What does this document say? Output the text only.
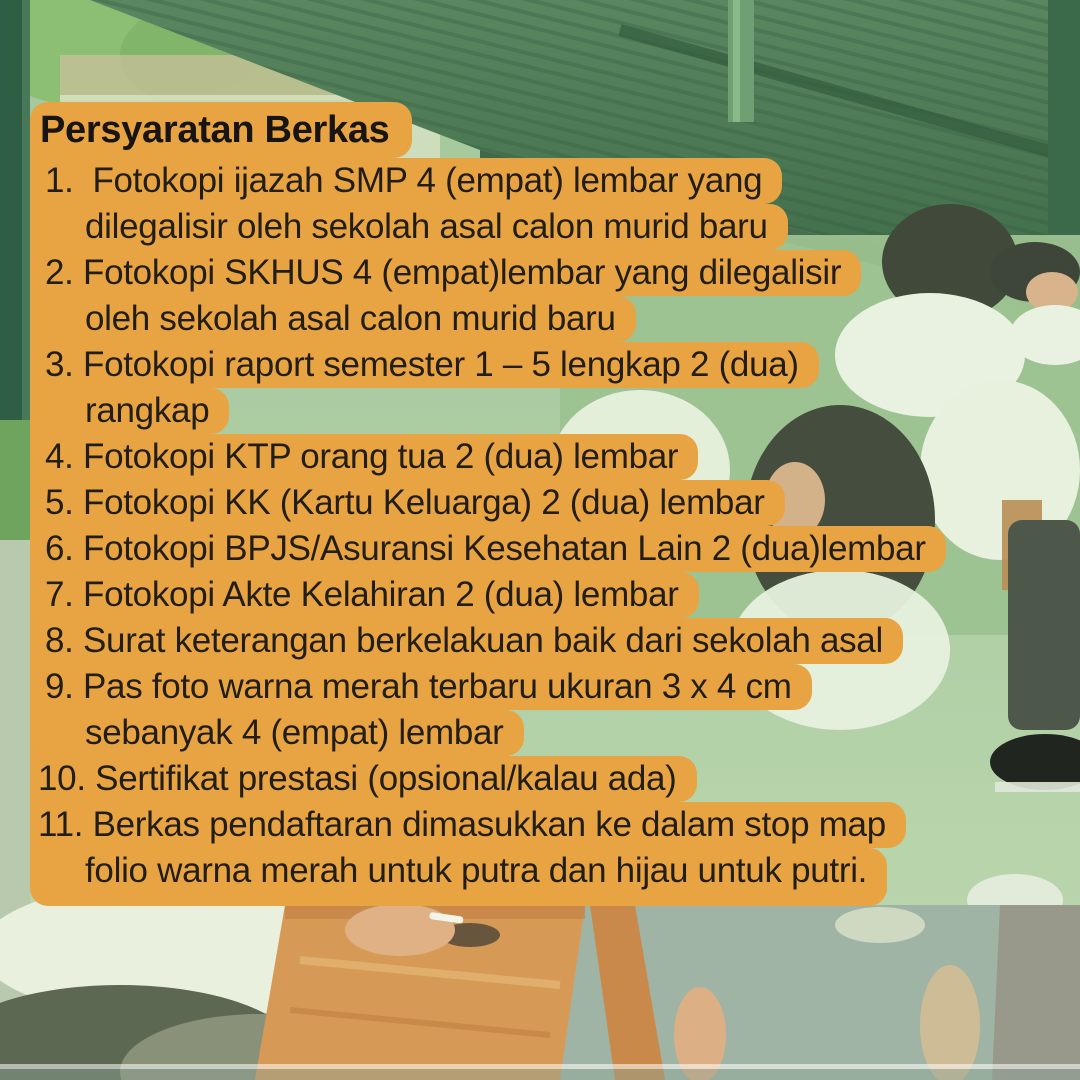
Persyaratan Berkas
1.  Fotokopi ijazah SMP 4 (empat) lembar yang
dilegalisir oleh sekolah asal calon murid baru
2. Fotokopi SKHUS 4 (empat)lembar yang dilegalisir
oleh sekolah asal calon murid baru
3. Fotokopi raport semester 1 – 5 lengkap 2 (dua)
rangkap
4. Fotokopi KTP orang tua 2 (dua) lembar
5. Fotokopi KK (Kartu Keluarga) 2 (dua) lembar
6. Fotokopi BPJS/Asuransi Kesehatan Lain 2 (dua)lembar
7. Fotokopi Akte Kelahiran 2 (dua) lembar
8. Surat keterangan berkelakuan baik dari sekolah asal
9. Pas foto warna merah terbaru ukuran 3 x 4 cm
sebanyak 4 (empat) lembar
10. Sertifikat prestasi (opsional/kalau ada)
11. Berkas pendaftaran dimasukkan ke dalam stop map
folio warna merah untuk putra dan hijau untuk putri.
